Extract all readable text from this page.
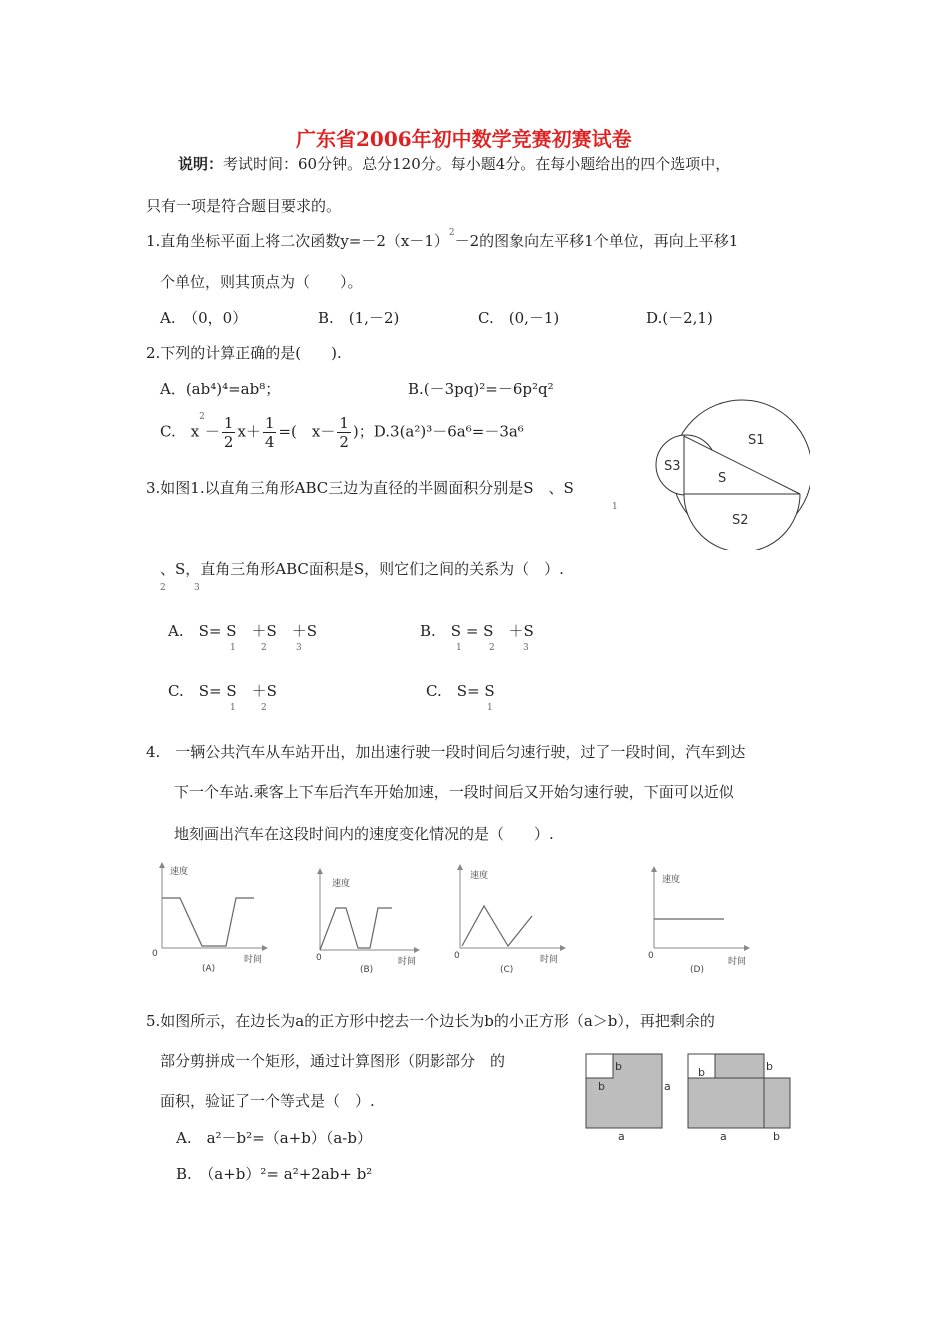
广东省2006年初中数学竞赛初赛试卷
说明：考试时间：60分钟。总分120分。每小题4分。在每小题给出的四个选项中，
只有一项是符合题目要求的。
1.直角坐标平面上将二次函数$y=-2(x-1)^2-2$的图象向左平移1个单位，再向上平移1
个单位，则其顶点为（　　）。
A.　（0，0）	B.　(1,－2)	C.　(0,－1)	D.(－2,1)
2.下列的计算正确的是(　　).
A．(ab⁴)⁴=ab⁸；	B.(－3pq)²=－6p²q²
C.　$x^2- \frac{1}{2} x+ \frac{1}{4}$ =(　$x- \frac{1}{2}$ )；D.3(a²)³－6a⁶=－3a⁶	S1
S3
S
S2
3.如图1.以直角三角形ABC三边为直径的半圆面积分别是S　、S
1
、S，直角三角形ABC面积是S，则它们之间的关系为（　）.
2	3
A.　S= S　＋S　＋S
1	2	3
B.　S = S　＋S
1	2	3
C.　S= S　＋S
1	2
C.　S= S
1
4.　一辆公共汽车从车站开出，加出速行驶一段时间后匀速行驶，过了一段时间，汽车到达
下一个车站.乘客上下车后汽车开始加速，一段时间后又开始匀速行驶，下面可以近似
地刻画出汽车在这段时间内的速度变化情况的是（　　）.
速度
0
时间
(A)
速度
0	时间
(B)
速度
0	时间
(C)
速度
0
时间
(D)
5.如图所示，在边长为a的正方形中挖去一个边长为b的小正方形（a＞b），再把剩余的
部分剪拼成一个矩形，通过计算图形（阴影部分　的
面积，验证了一个等式是（　）.
A.　a²－b²=（a+b）（a-b）
B.　（a+b）²= a²+2ab+ b²
b
b	a
a
b	b
a	b
